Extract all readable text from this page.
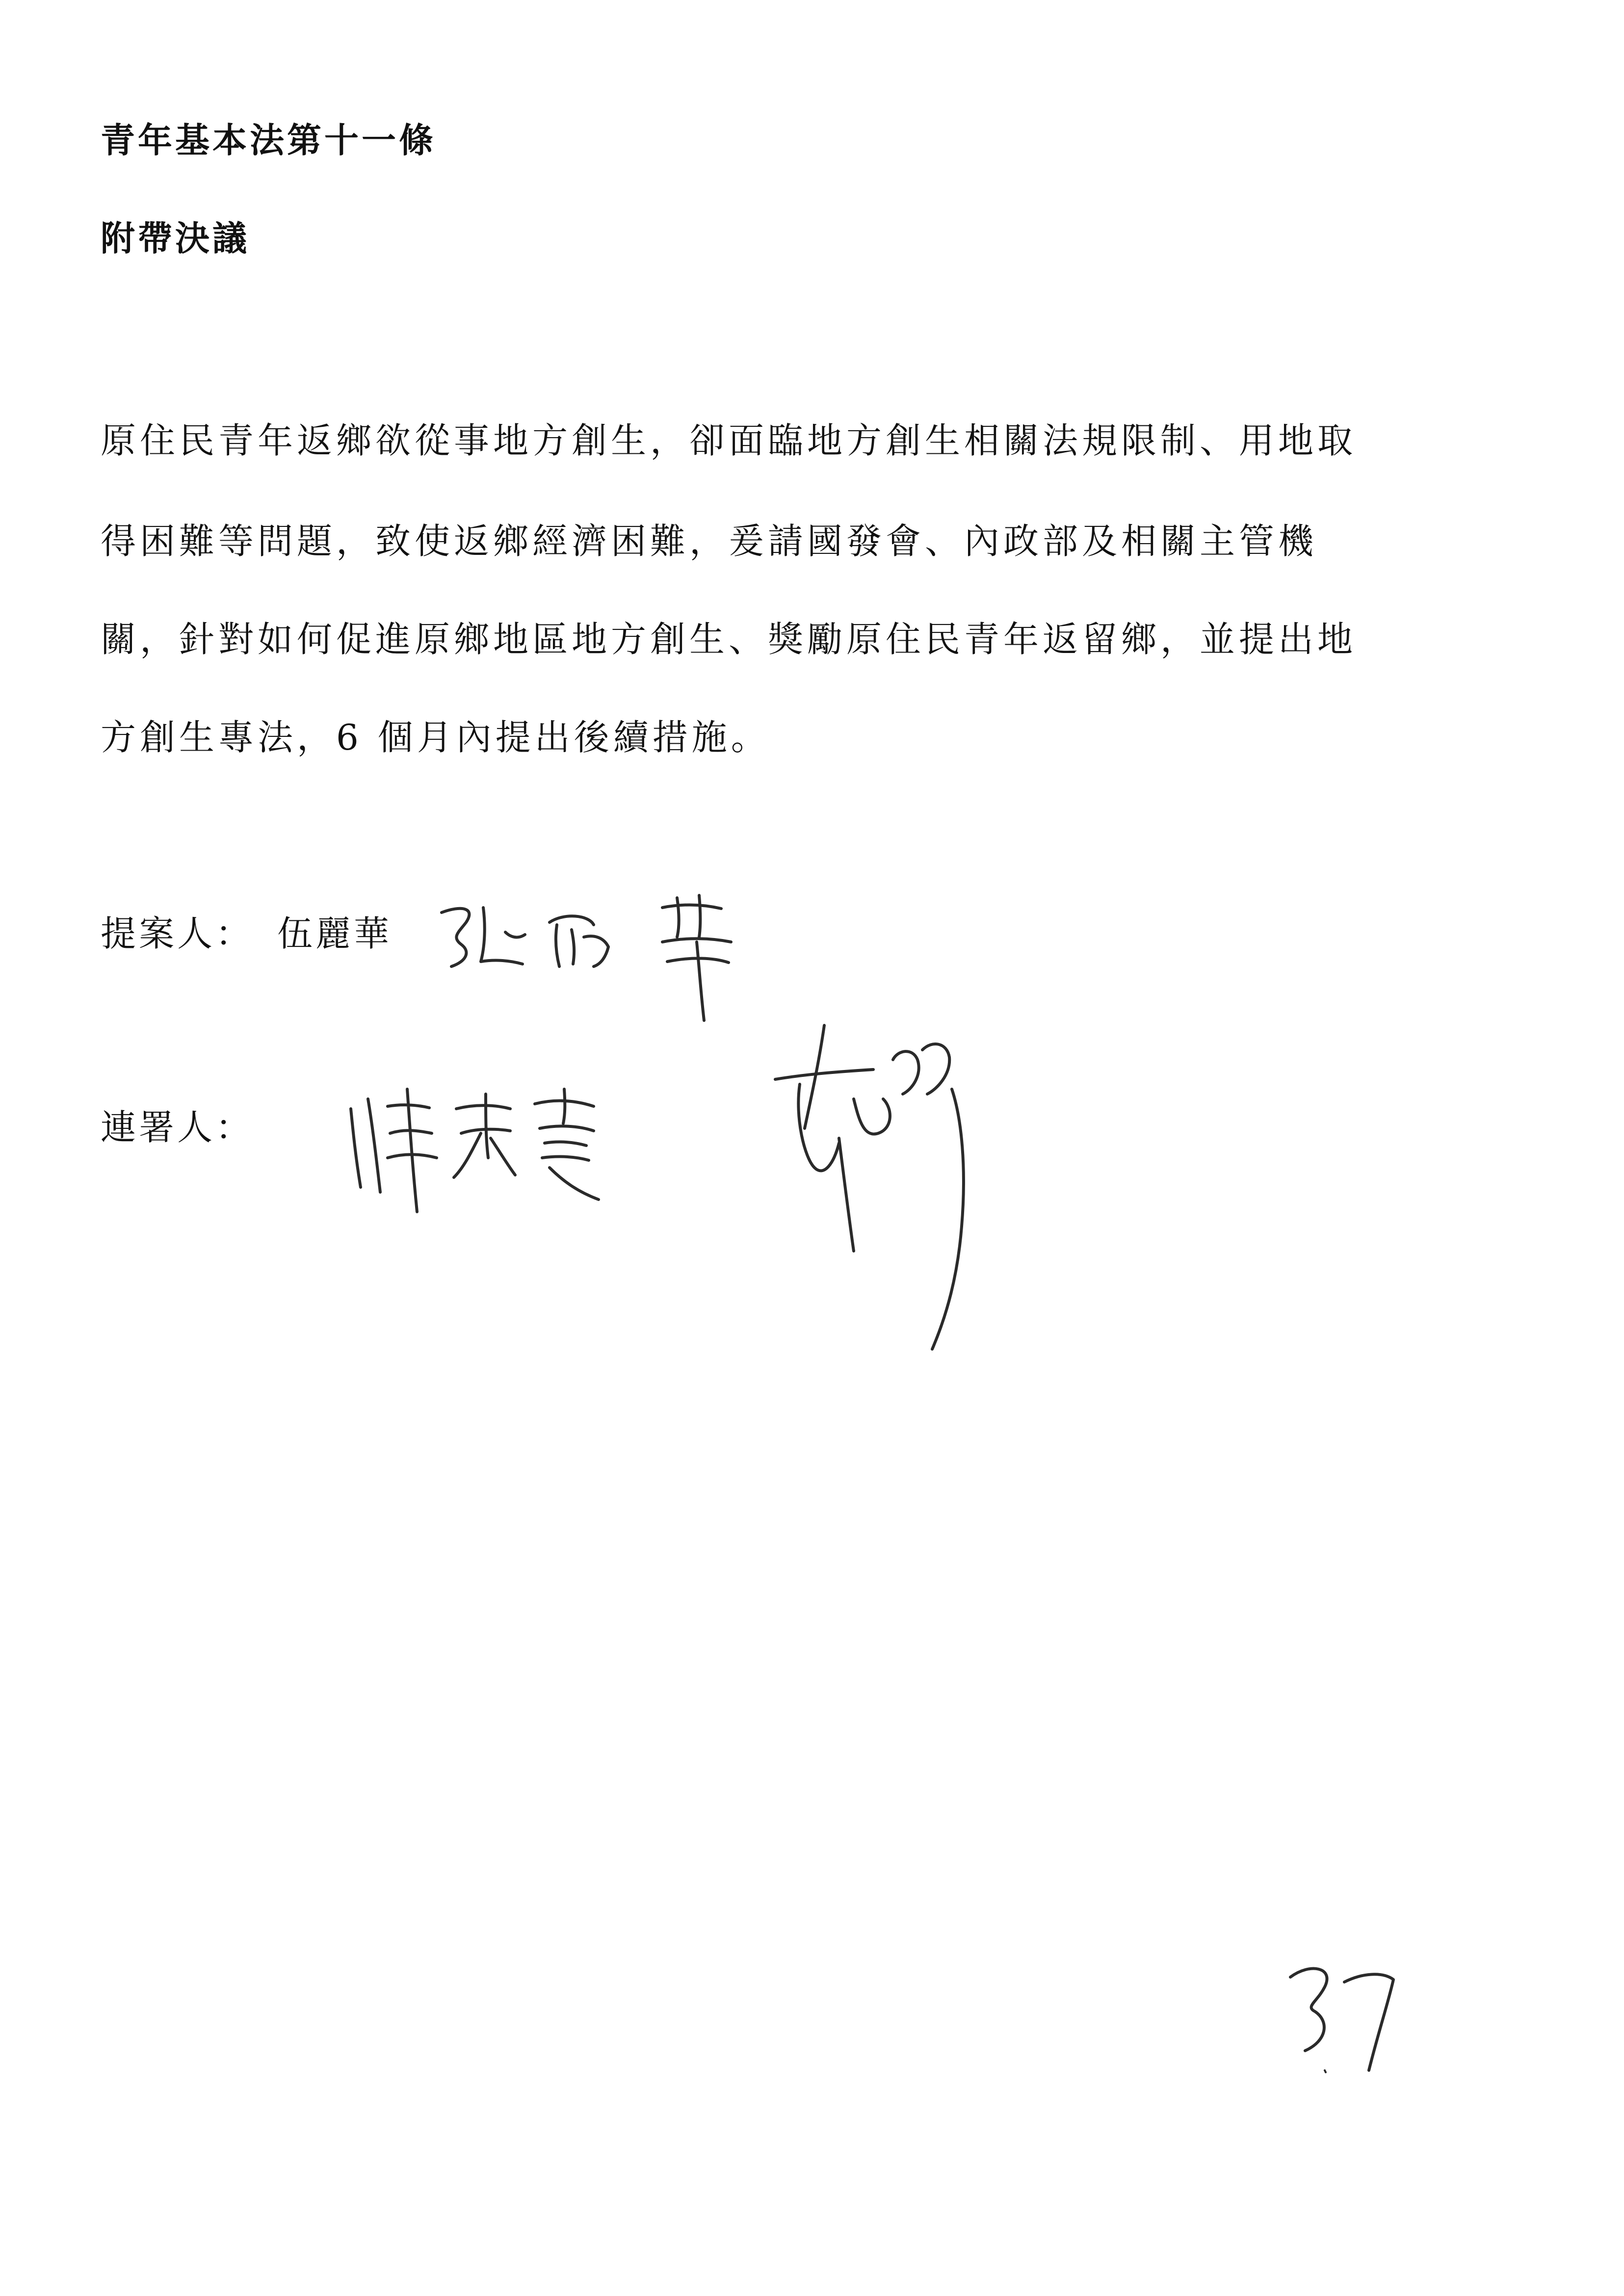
青年基本法第十一條
附帶決議
原住民青年返鄉欲從事地方創生，卻面臨地方創生相關法規限制、用地取
得困難等問題，致使返鄉經濟困難，爰請國發會、內政部及相關主管機
關，針對如何促進原鄉地區地方創生、獎勵原住民青年返留鄉，並提出地
方創生專法，6 個月內提出後續措施。
提案人： 伍麗華
連署人：
